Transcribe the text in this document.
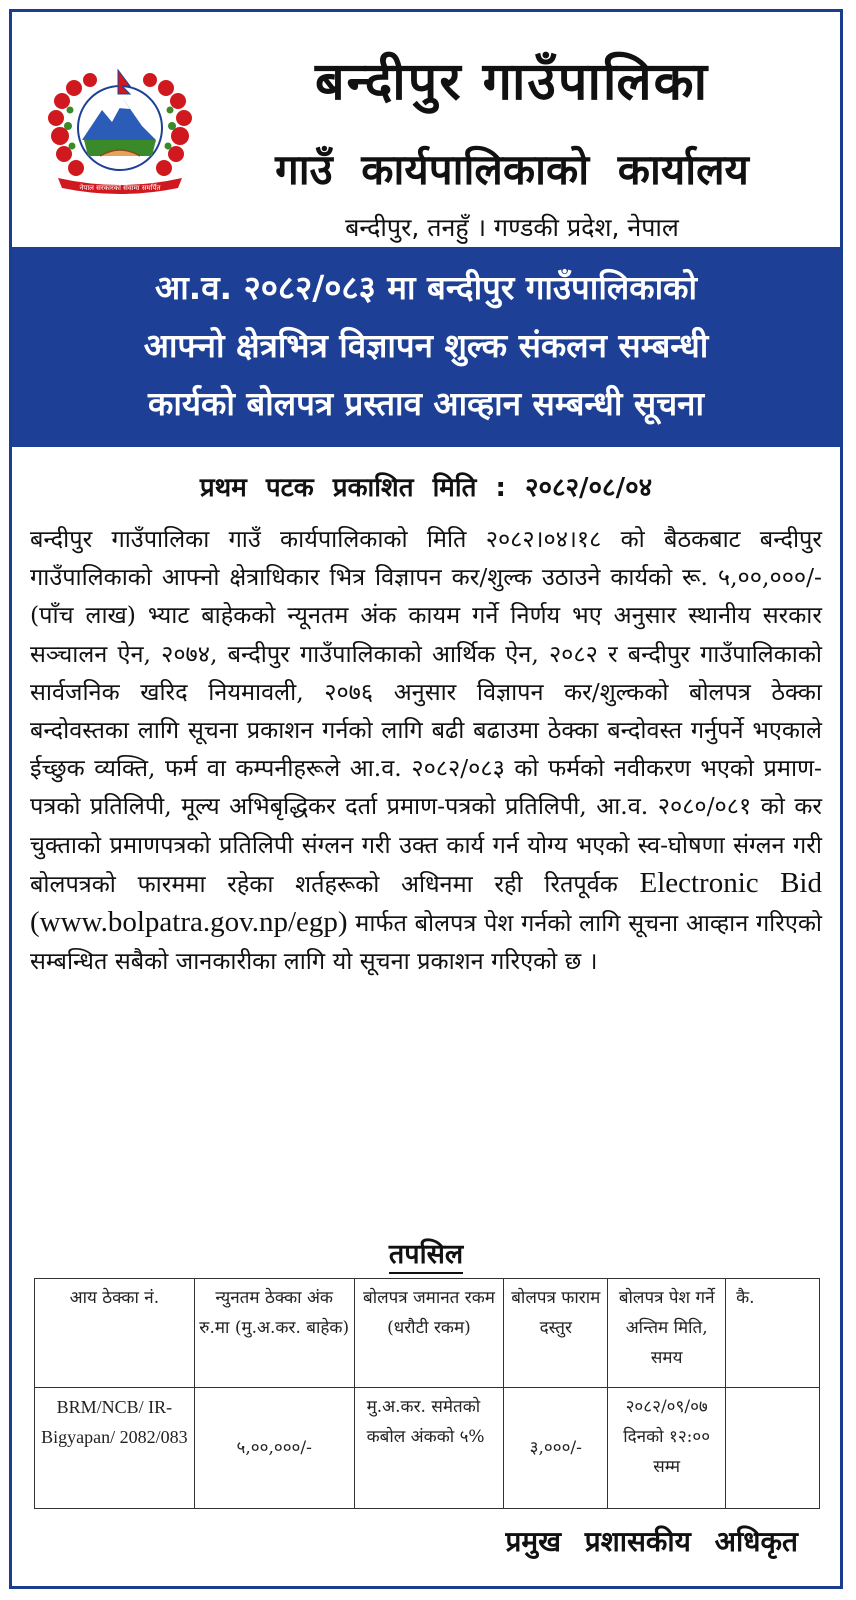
नेपाल सरकारको सेवामा समर्पित
बन्दीपुर गाउँपालिका
गाउँ कार्यपालिकाको कार्यालय
बन्दीपुर, तनहुँ । गण्डकी प्रदेश, नेपाल
आ.व. २०८२/०८३ मा बन्दीपुर गाउँपालिकाको
आफ्नो क्षेत्रभित्र विज्ञापन शुल्क संकलन सम्बन्धी
कार्यको बोलपत्र प्रस्ताव आव्हान सम्बन्धी सूचना
प्रथम पटक प्रकाशित मिति : २०८२/०८/०४
बन्दीपुर गाउँपालिका गाउँ कार्यपालिकाको मिति २०८२।०४।१८ को बैठकबाट बन्दीपुर गाउँपालिकाको आफ्नो क्षेत्राधिकार भित्र विज्ञापन कर/शुल्क उठाउने कार्यको रू. ५,००,०००/- (पाँच लाख) भ्याट बाहेकको न्यूनतम अंक कायम गर्ने निर्णय भए अनुसार स्थानीय सरकार सञ्चालन ऐन, २०७४, बन्दीपुर गाउँपालिकाको आर्थिक ऐन, २०८२ र बन्दीपुर गाउँपालिकाको सार्वजनिक खरिद नियमावली, २०७६ अनुसार विज्ञापन कर/शुल्कको बोलपत्र ठेक्का बन्दोवस्तका लागि सूचना प्रकाशन गर्नको लागि बढी बढाउमा ठेक्का बन्दोवस्त गर्नुपर्ने भएकाले ईच्छुक व्यक्ति, फर्म वा कम्पनीहरूले आ.व. २०८२/०८३ को फर्मको नवीकरण भएको प्रमाण-पत्रको प्रतिलिपी, मूल्य अभिबृद्धिकर दर्ता प्रमाण-पत्रको प्रतिलिपी, आ.व. २०८०/०८१ को कर चुक्ताको प्रमाणपत्रको प्रतिलिपी संग्लन गरी उक्त कार्य गर्न योग्य भएको स्व-घोषणा संग्लन गरी बोलपत्रको फारममा रहेका शर्तहरूको अधिनमा रही रितपूर्वक Electronic Bid (www.bolpatra.gov.np/egp) मार्फत बोलपत्र पेश गर्नको लागि सूचना आव्हान गरिएको सम्बन्धित सबैको जानकारीका लागि यो सूचना प्रकाशन गरिएको छ ।
तपसिल
आय ठेक्का नं.	न्युनतम ठेक्का अंक रु.मा (मु.अ.कर. बाहेक)	बोलपत्र जमानत रकम (धरौटी रकम)	बोलपत्र फाराम दस्तुर	बोलपत्र पेश गर्ने अन्तिम मिति, समय	कै.
BRM/NCB/ IR-Bigyapan/ 2082/083	५,००,०००/-	मु.अ.कर. समेतको कबोल अंकको ५%	३,०००/-	२०८२/०९/०७ दिनको १२:०० सम्म	
प्रमुख प्रशासकीय अधिकृत
